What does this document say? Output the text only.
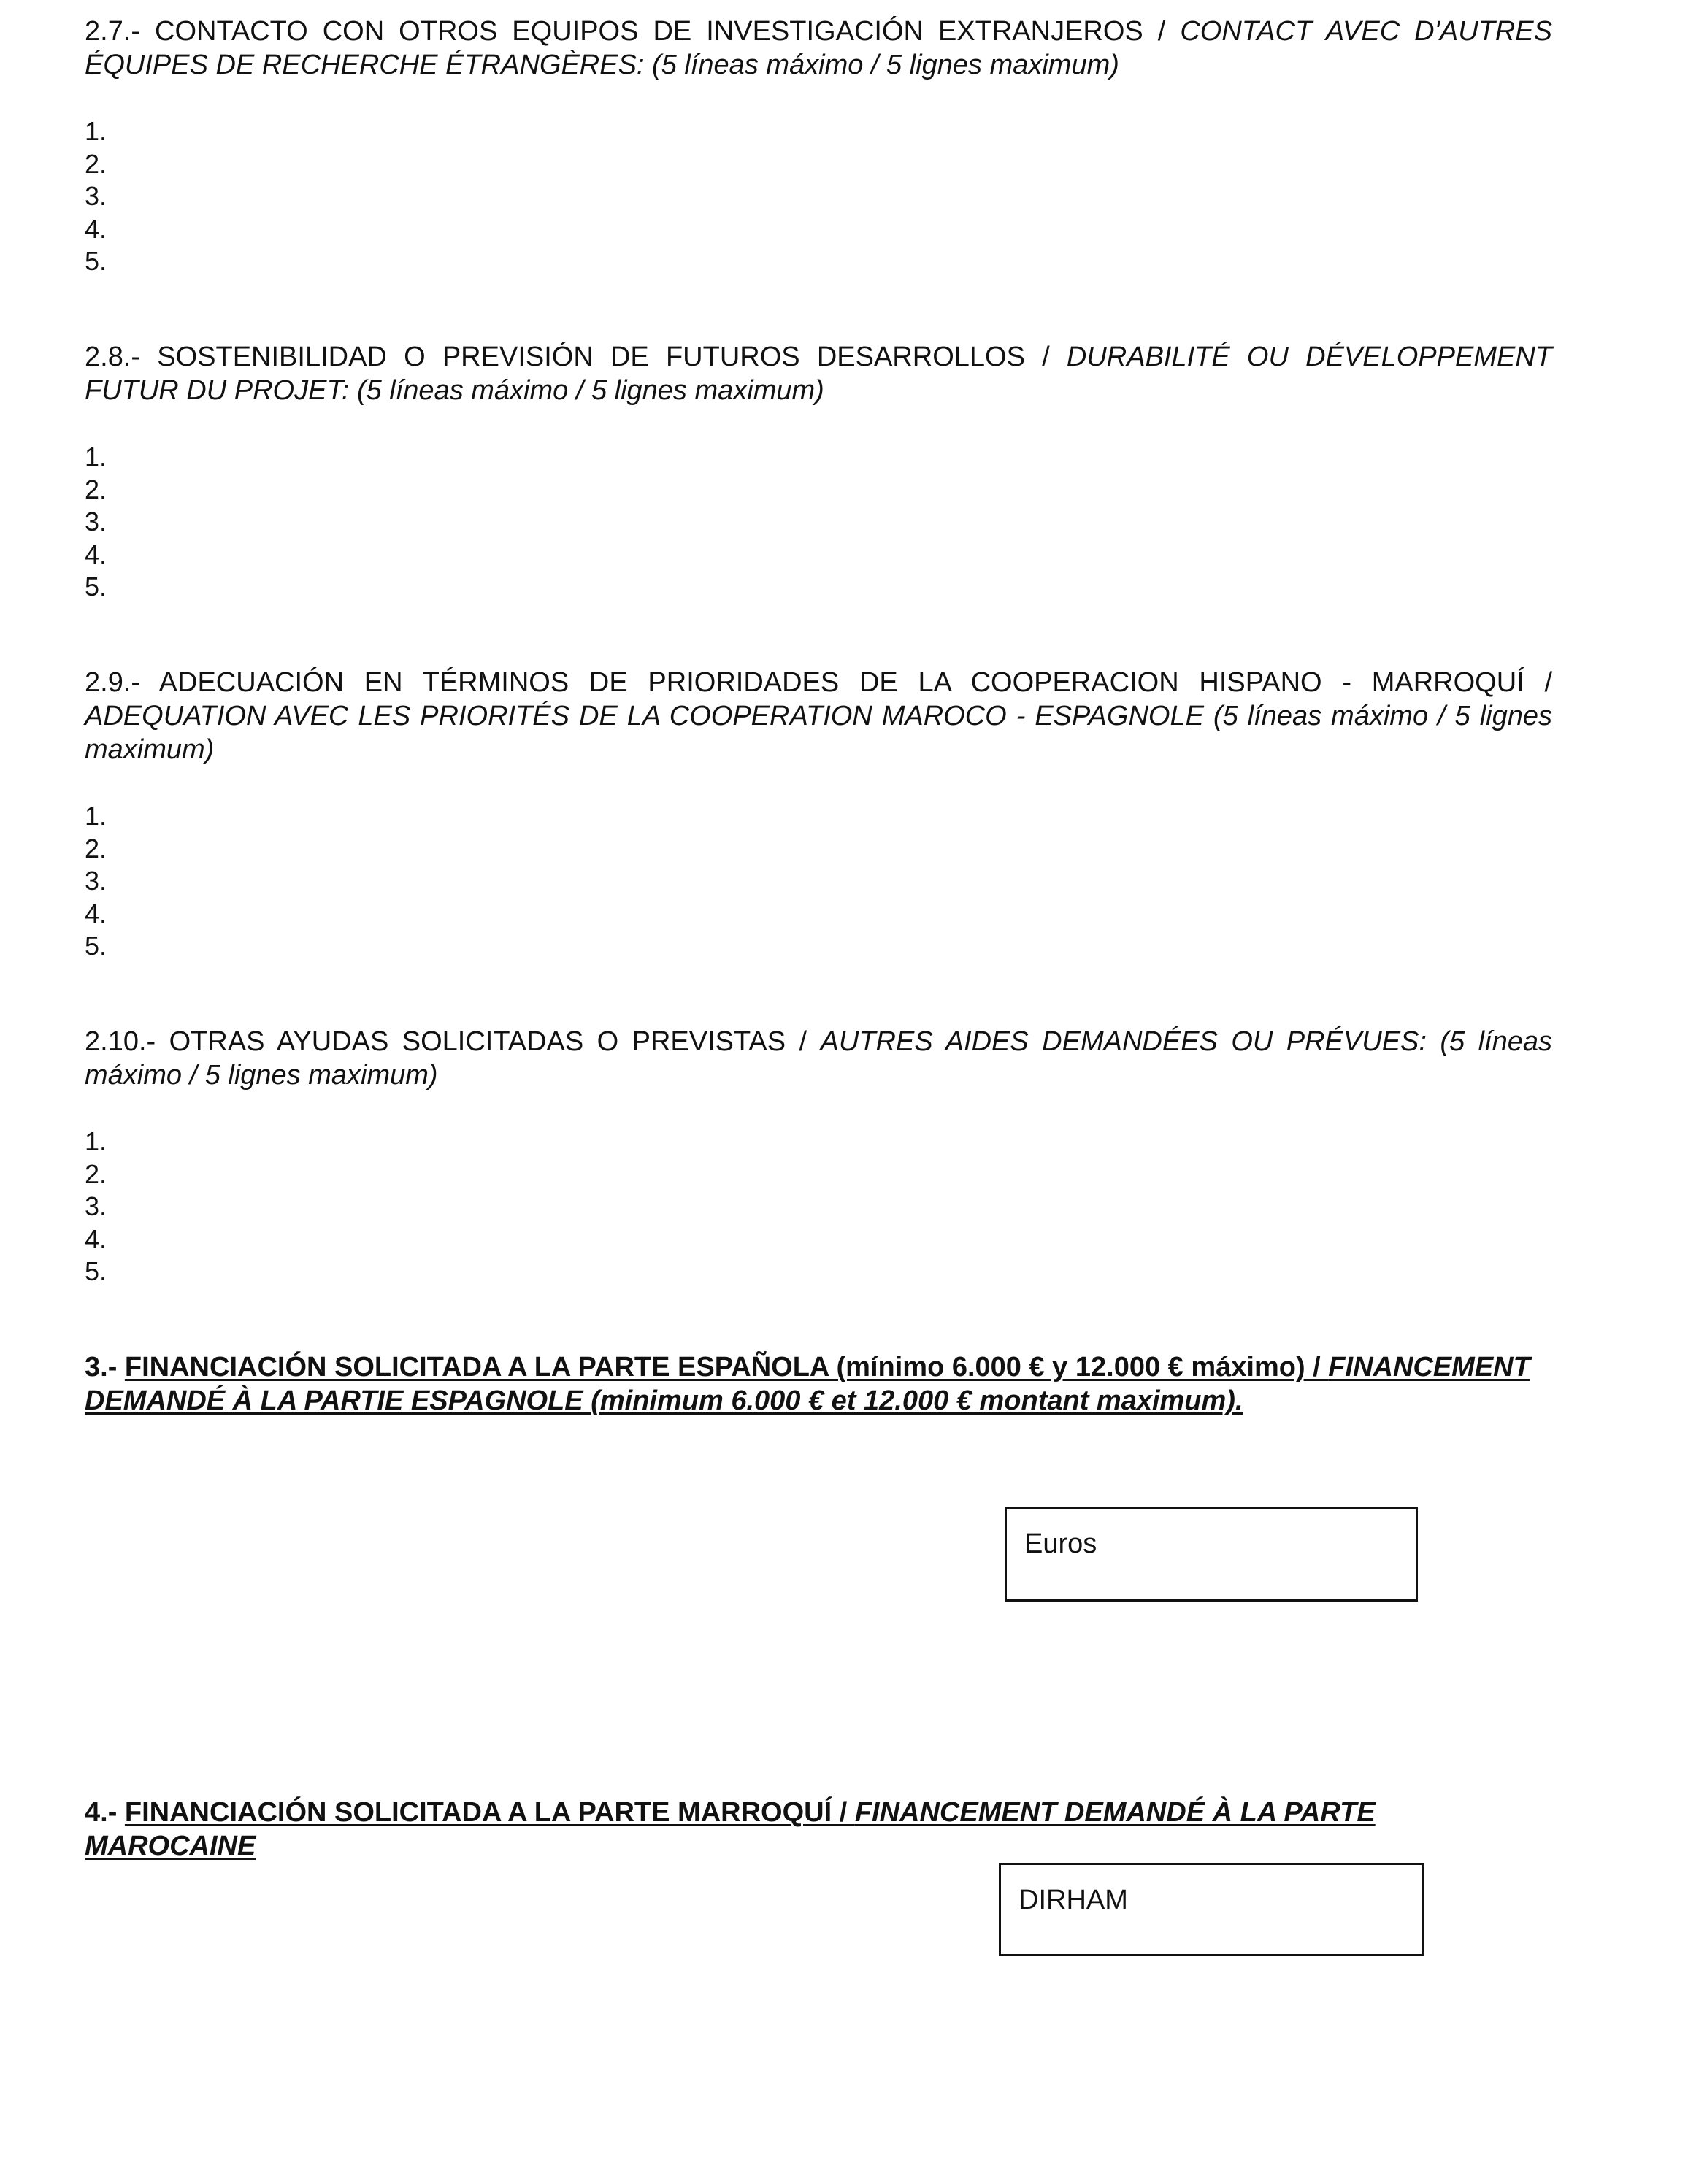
2.7.- CONTACTO CON OTROS EQUIPOS DE INVESTIGACIÓN EXTRANJEROS / CONTACT AVEC D'AUTRES ÉQUIPES DE RECHERCHE ÉTRANGÈRES: (5 líneas máximo / 5 lignes maximum)

1.
2.
3.
4.
5.

2.8.- SOSTENIBILIDAD O PREVISIÓN DE FUTUROS DESARROLLOS / DURABILITÉ OU DÉVELOPPEMENT FUTUR DU PROJET: (5 líneas máximo / 5 lignes maximum)

1.
2.
3.
4.
5.

2.9.- ADECUACIÓN EN TÉRMINOS DE PRIORIDADES DE LA COOPERACION HISPANO - MARROQUÍ / ADEQUATION AVEC LES PRIORITÉS DE LA COOPERATION MAROCO - ESPAGNOLE (5 líneas máximo / 5 lignes maximum)

1.
2.
3.
4.
5.

2.10.- OTRAS AYUDAS SOLICITADAS O PREVISTAS / AUTRES AIDES DEMANDÉES OU PRÉVUES: (5 líneas máximo / 5 lignes maximum)

1.
2.
3.
4.
5.

3.- FINANCIACIÓN SOLICITADA A LA PARTE ESPAÑOLA (mínimo 6.000 € y 12.000 € máximo) / FINANCEMENT DEMANDÉ À LA PARTIE ESPAGNOLE (minimum 6.000 € et 12.000 € montant maximum).

Euros

4.- FINANCIACIÓN SOLICITADA A LA PARTE MARROQUÍ / FINANCEMENT DEMANDÉ À LA PARTE MAROCAINE

DIRHAM
